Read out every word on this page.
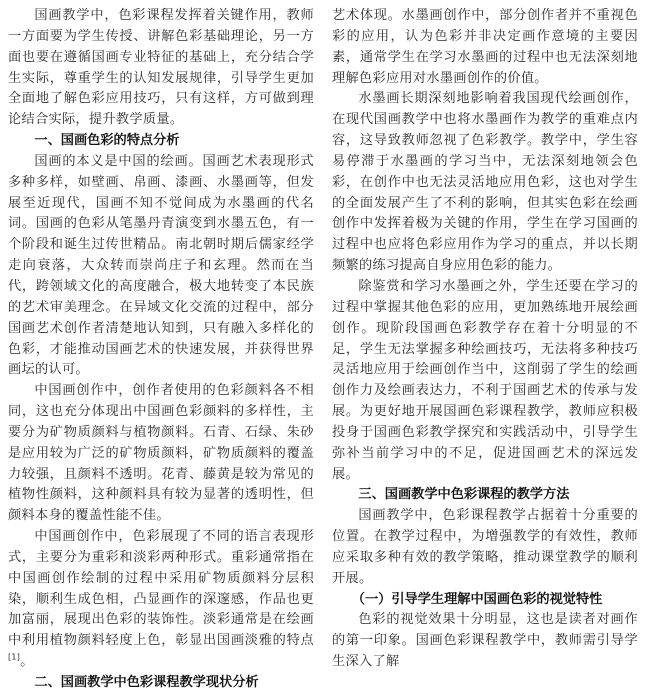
国画教学中，色彩课程发挥着关键作用，教师一方面要为学生传授、讲解色彩基础理论，另一方面也要在遵循国画专业特征的基础上，充分结合学生实际，尊重学生的认知发展规律，引导学生更加全面地了解色彩应用技巧，只有这样，方可做到理论结合实际，提升教学质量。

一、国画色彩的特点分析

国画的本义是中国的绘画。国画艺术表现形式多种多样，如壁画、帛画、漆画、水墨画等，但发展至近现代，国画不知不觉间成为水墨画的代名词。国画的色彩从笔墨丹青演变到水墨五色，有一个阶段和诞生过传世精品。南北朝时期后儒家经学走向衰落，大众转而崇尚庄子和玄理。然而在当代，跨领域文化的高度融合，极大地转变了本民族的艺术审美理念。在异域文化交流的过程中，部分国画艺术创作者清楚地认知到，只有融入多样化的色彩，才能推动国画艺术的快速发展，并获得世界画坛的认可。

中国画创作中，创作者使用的色彩颜料各不相同，这也充分体现出中国画色彩颜料的多样性，主要分为矿物质颜料与植物颜料。石青、石绿、朱砂是应用较为广泛的矿物质颜料，矿物质颜料的覆盖力较强，且颜料不透明。花青、藤黄是较为常见的植物性颜料，这种颜料具有较为显著的透明性，但颜料本身的覆盖性能不佳。

中国画创作中，色彩展现了不同的语言表现形式，主要分为重彩和淡彩两种形式。重彩通常指在中国画创作绘制的过程中采用矿物质颜料分层积染，顺利生成色相，凸显画作的深邃感，作品也更加富丽，展现出色彩的装饰性。淡彩通常是在绘画中利用植物颜料轻度上色，彰显出国画淡雅的特点[1]。

二、国画教学中色彩课程教学现状分析

艺术体现。水墨画创作中，部分创作者并不重视色彩的应用，认为色彩并非决定画作意境的主要因素，通常学生在学习水墨画的过程中也无法深刻地理解色彩应用对水墨画创作的价值。

水墨画长期深刻地影响着我国现代绘画创作，在现代国画教学中也将水墨画作为教学的重难点内容，这导致教师忽视了色彩教学。教学中，学生容易停滞于水墨画的学习当中，无法深刻地领会色彩，在创作中也无法灵活地应用色彩，这也对学生的全面发展产生了不利的影响，但其实色彩在绘画创作中发挥着极为关键的作用，学生在学习国画的过程中也应将色彩应用作为学习的重点，并以长期频繁的练习提高自身应用色彩的能力。

除鉴赏和学习水墨画之外，学生还要在学习的过程中掌握其他色彩的应用，更加熟练地开展绘画创作。现阶段国画色彩教学存在着十分明显的不足，学生无法掌握多种绘画技巧，无法将多种技巧灵活地应用于绘画创作当中，这削弱了学生的绘画创作力及绘画表达力，不利于国画艺术的传承与发展。为更好地开展国画色彩课程教学，教师应积极投身于国画色彩教学探究和实践活动中，引导学生弥补当前学习中的不足，促进国画艺术的深远发展。

三、国画教学中色彩课程的教学方法

国画教学中，色彩课程教学占据着十分重要的位置。在教学过程中，为增强教学的有效性，教师应采取多种有效的教学策略，推动课堂教学的顺利开展。

（一）引导学生理解中国画色彩的视觉特性

色彩的视觉效果十分明显，这也是读者对画作的第一印象。国画色彩课程教学中，教师需引导学生深入了解
